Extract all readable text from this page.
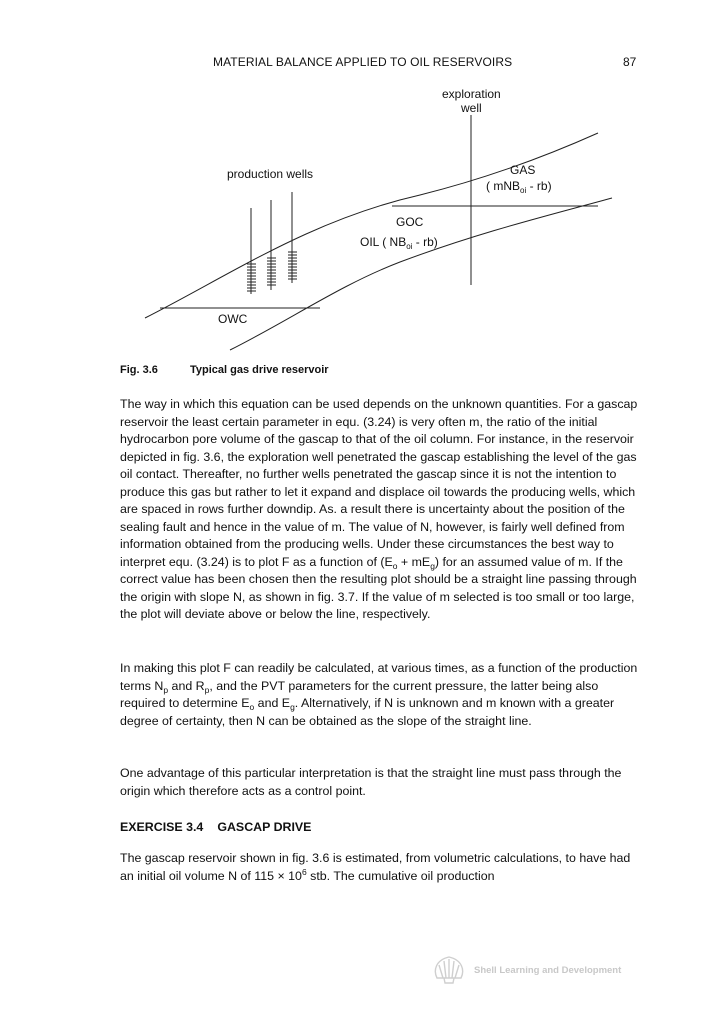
MATERIAL BALANCE APPLIED TO OIL RESERVOIRS	87
exploration
well
production wells	GAS
( mNB$_{oi}$ - rb)
GOC
OIL ( $NB_{oi} - rb$)
OWC
Fig. 3.6	Typical gas drive reservoir

The way in which this equation can be used depends on the unknown quantities. For a gascap reservoir the least certain parameter in equ. (3.24) is very often m, the ratio of the initial hydrocarbon pore volume of the gascap to that of the oil column. For instance, in the reservoir depicted in fig. 3.6, the exploration well penetrated the gascap establishing the level of the gas oil contact. Thereafter, no further wells penetrated the gascap since it is not the intention to produce this gas but rather to let it expand and displace oil towards the producing wells, which are spaced in rows further downdip. As. a result there is uncertainty about the position of the sealing fault and hence in the value of m. The value of N, however, is fairly well defined from information obtained from the producing wells. Under these circumstances the best way to interpret equ. (3.24) is to plot F as a function of $(E_o + mE_g)$ for an assumed value of m. If the correct value has been chosen then the resulting plot should be a straight line passing through the origin with slope N, as shown in fig. 3.7. If the value of m selected is too small or too large, the plot will deviate above or below the line, respectively.

In making this plot F can readily be calculated, at various times, as a function of the production terms $N_p$ and $R_p$, and the PVT parameters for the current pressure, the latter being also required to determine $E_o$ and $E_g$. Alternatively, if N is unknown and m known with a greater degree of certainty, then N can be obtained as the slope of the straight line.

One advantage of this particular interpretation is that the straight line must pass through the origin which therefore acts as a control point.

EXERCISE 3.4 GASCAP DRIVE

The gascap reservoir shown in fig. 3.6 is estimated, from volumetric calculations, to have had an initial oil volume N of $115 \times 10^6$ stb. The cumulative oil production

Shell Learning and Development
